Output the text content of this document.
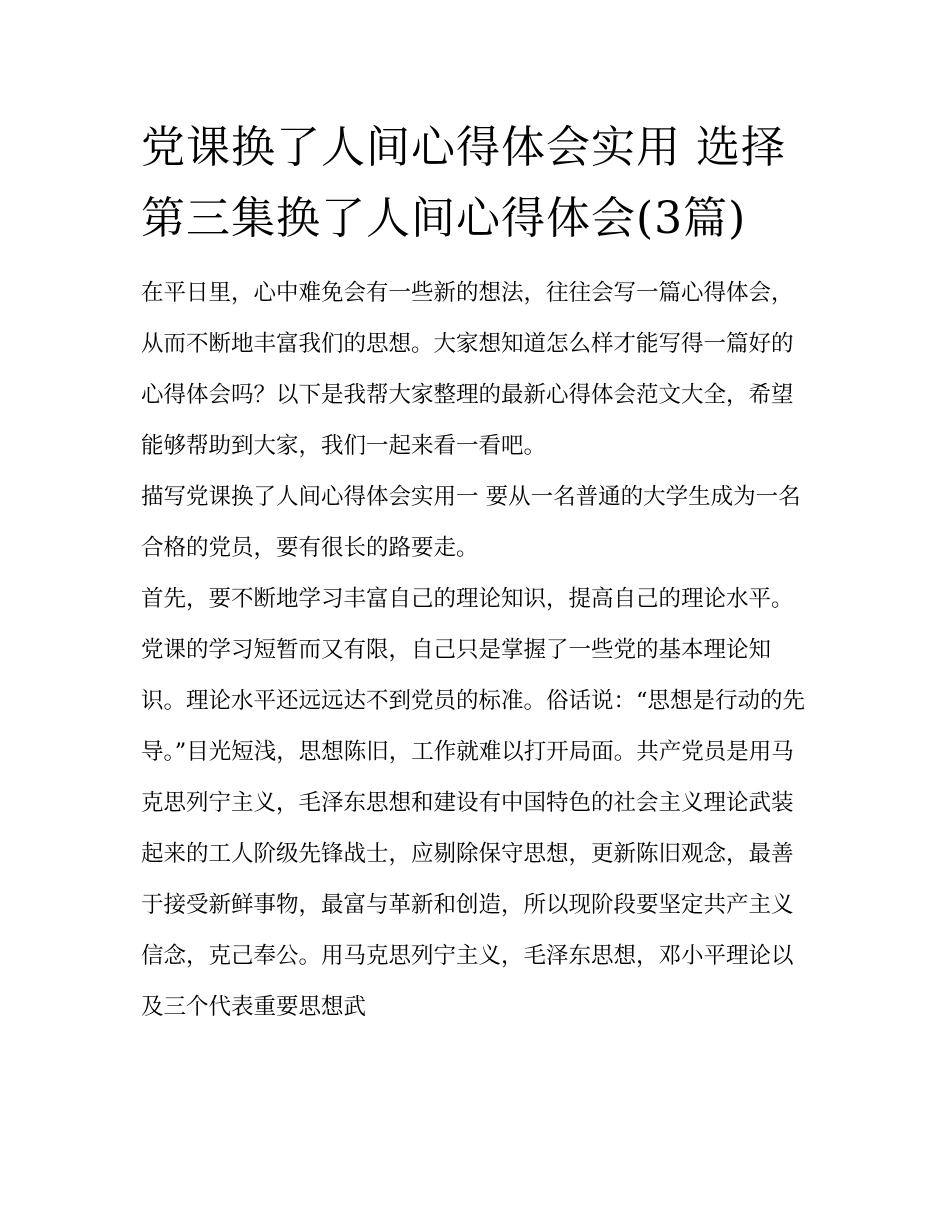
党课换了人间心得体会实用 选择第三集换了人间心得体会(3篇)

在平日里，心中难免会有一些新的想法，往往会写一篇心得体会，从而不断地丰富我们的思想。大家想知道怎么样才能写得一篇好的心得体会吗？以下是我帮大家整理的最新心得体会范文大全，希望能够帮助到大家，我们一起来看一看吧。

描写党课换了人间心得体会实用一 要从一名普通的大学生成为一名合格的党员，要有很长的路要走。

首先，要不断地学习丰富自己的理论知识，提高自己的理论水平。党课的学习短暂而又有限，自己只是掌握了一些党的基本理论知识。理论水平还远远达不到党员的标准。俗话说：“思想是行动的先导。”目光短浅，思想陈旧，工作就难以打开局面。共产党员是用马克思列宁主义，毛泽东思想和建设有中国特色的社会主义理论武装起来的工人阶级先锋战士，应剔除保守思想，更新陈旧观念，最善于接受新鲜事物，最富与革新和创造，所以现阶段要坚定共产主义信念，克己奉公。用马克思列宁主义，毛泽东思想，邓小平理论以及三个代表重要思想武
